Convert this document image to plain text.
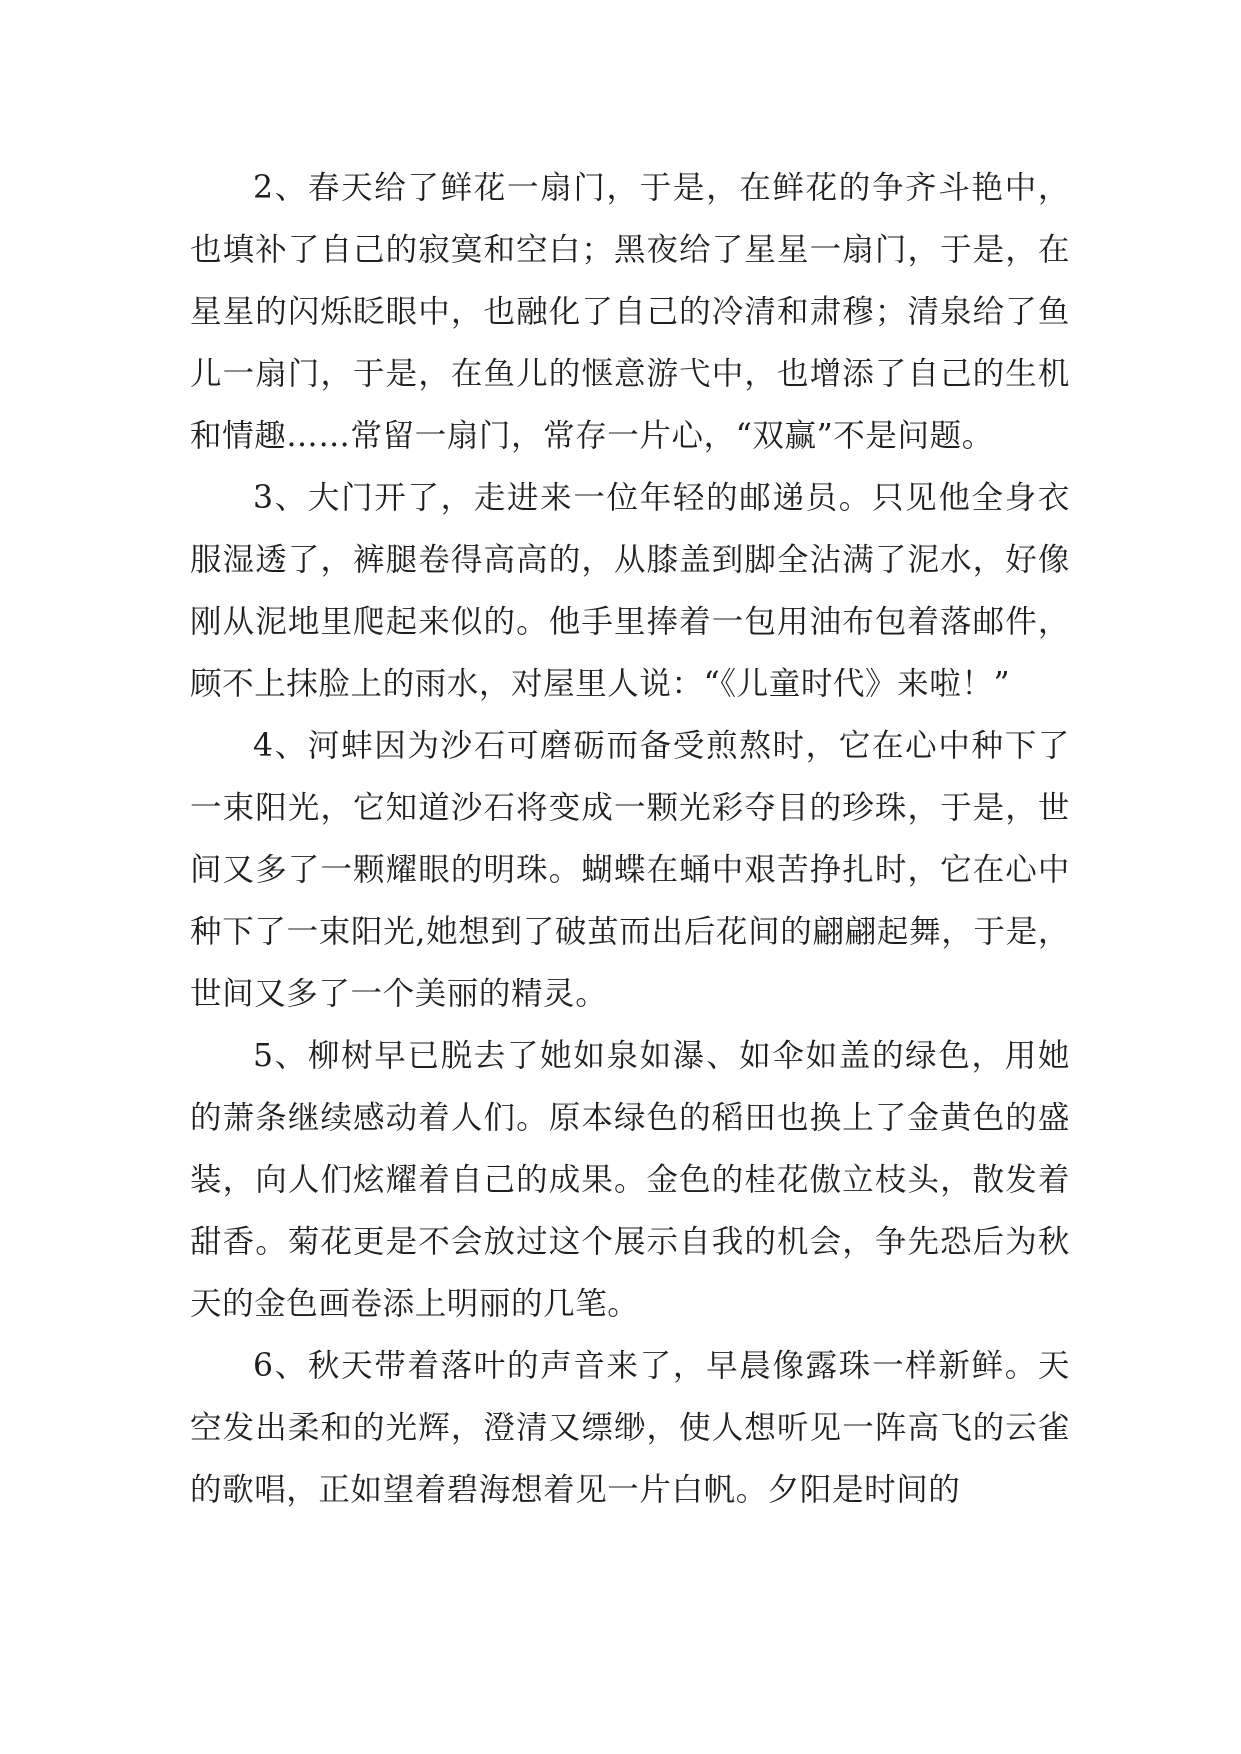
2、春天给了鲜花一扇门，于是，在鲜花的争齐斗艳中，也填补了自己的寂寞和空白；黑夜给了星星一扇门，于是，在星星的闪烁眨眼中，也融化了自己的冷清和肃穆；清泉给了鱼儿一扇门，于是，在鱼儿的惬意游弋中，也增添了自己的生机和情趣……常留一扇门，常存一片心，“双赢”不是问题。

3、大门开了，走进来一位年轻的邮递员。只见他全身衣服湿透了，裤腿卷得高高的，从膝盖到脚全沾满了泥水，好像刚从泥地里爬起来似的。他手里捧着一包用油布包着落邮件，顾不上抹脸上的雨水，对屋里人说：“《儿童时代》来啦！”

4、河蚌因为沙石可磨砺而备受煎熬时，它在心中种下了一束阳光，它知道沙石将变成一颗光彩夺目的珍珠，于是，世间又多了一颗耀眼的明珠。蝴蝶在蛹中艰苦挣扎时，它在心中种下了一束阳光,她想到了破茧而出后花间的翩翩起舞，于是，世间又多了一个美丽的精灵。

5、柳树早已脱去了她如泉如瀑、如伞如盖的绿色，用她的萧条继续感动着人们。原本绿色的稻田也换上了金黄色的盛装，向人们炫耀着自己的成果。金色的桂花傲立枝头，散发着甜香。菊花更是不会放过这个展示自我的机会，争先恐后为秋天的金色画卷添上明丽的几笔。

6、秋天带着落叶的声音来了，早晨像露珠一样新鲜。天空发出柔和的光辉，澄清又缥缈，使人想听见一阵高飞的云雀的歌唱，正如望着碧海想着见一片白帆。夕阳是时间的
